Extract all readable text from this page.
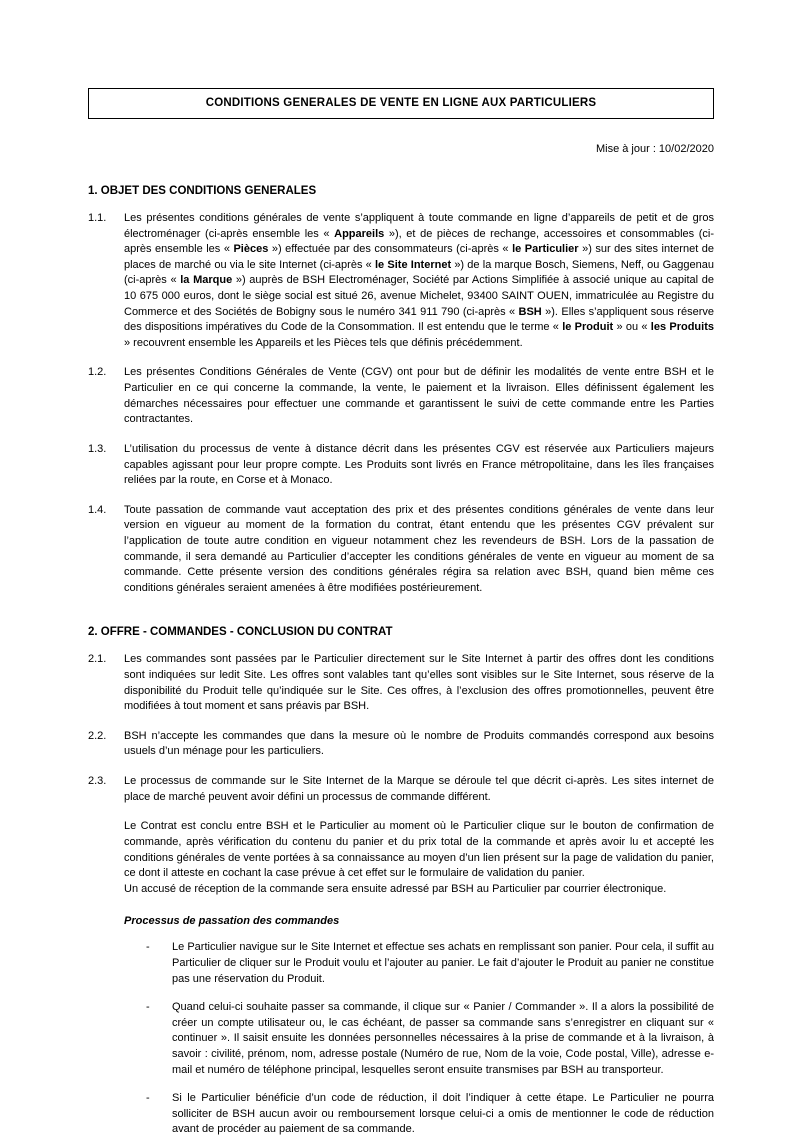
CONDITIONS GENERALES DE VENTE EN LIGNE AUX PARTICULIERS
Mise à jour : 10/02/2020
1. OBJET DES CONDITIONS GENERALES
1.1.	Les présentes conditions générales de vente s’appliquent à toute commande en ligne d’appareils de petit et de gros électroménager (ci-après ensemble les « Appareils »), et de pièces de rechange, accessoires et consommables (ci-après ensemble les « Pièces ») effectuée par des consommateurs (ci-après « le Particulier ») sur des sites internet de places de marché ou via le site Internet (ci-après « le Site Internet ») de la marque Bosch, Siemens, Neff, ou Gaggenau (ci-après « la Marque ») auprès de BSH Electroménager, Société par Actions Simplifiée à associé unique au capital de 10 675 000 euros, dont le siège social est situé 26, avenue Michelet, 93400 SAINT OUEN, immatriculée au Registre du Commerce et des Sociétés de Bobigny sous le numéro 341 911 790 (ci-après « BSH »). Elles s’appliquent sous réserve des dispositions impératives du Code de la Consommation. Il est entendu que le terme « le Produit » ou « les Produits » recouvrent ensemble les Appareils et les Pièces tels que définis précédemment.
1.2.	Les présentes Conditions Générales de Vente (CGV) ont pour but de définir les modalités de vente entre BSH et le Particulier en ce qui concerne la commande, la vente, le paiement et la livraison. Elles définissent également les démarches nécessaires pour effectuer une commande et garantissent le suivi de cette commande entre les Parties contractantes.
1.3.	L’utilisation du processus de vente à distance décrit dans les présentes CGV est réservée aux Particuliers majeurs capables agissant pour leur propre compte. Les Produits sont livrés en France métropolitaine, dans les îles françaises reliées par la route, en Corse et à Monaco.
1.4.	Toute passation de commande vaut acceptation des prix et des présentes conditions générales de vente dans leur version en vigueur au moment de la formation du contrat, étant entendu que les présentes CGV prévalent sur l’application de toute autre condition en vigueur notamment chez les revendeurs de BSH. Lors de la passation de commande, il sera demandé au Particulier d’accepter les conditions générales de vente en vigueur au moment de sa commande. Cette présente version des conditions générales régira sa relation avec BSH, quand bien même ces conditions générales seraient amenées à être modifiées postérieurement.
2. OFFRE - COMMANDES - CONCLUSION DU CONTRAT
2.1.	Les commandes sont passées par le Particulier directement sur le Site Internet à partir des offres dont les conditions sont indiquées sur ledit Site. Les offres sont valables tant qu’elles sont visibles sur le Site Internet, sous réserve de la disponibilité du Produit telle qu’indiquée sur le Site. Ces offres, à l’exclusion des offres promotionnelles, peuvent être modifiées à tout moment et sans préavis par BSH.
2.2.	BSH n’accepte les commandes que dans la mesure où le nombre de Produits commandés correspond aux besoins usuels d’un ménage pour les particuliers.
2.3.	Le processus de commande sur le Site Internet de la Marque se déroule tel que décrit ci-après. Les sites internet de place de marché peuvent avoir défini un processus de commande différent.
Le Contrat est conclu entre BSH et le Particulier au moment où le Particulier clique sur le bouton de confirmation de commande, après vérification du contenu du panier et du prix total de la commande et après avoir lu et accepté les conditions générales de vente portées à sa connaissance au moyen d’un lien présent sur la page de validation du panier, ce dont il atteste en cochant la case prévue à cet effet sur le formulaire de validation du panier.
Un accusé de réception de la commande sera ensuite adressé par BSH au Particulier par courrier électronique.
Processus de passation des commandes
-	Le Particulier navigue sur le Site Internet et effectue ses achats en remplissant son panier. Pour cela, il suffit au Particulier de cliquer sur le Produit voulu et l’ajouter au panier. Le fait d’ajouter le Produit au panier ne constitue pas une réservation du Produit.
-	Quand celui-ci souhaite passer sa commande, il clique sur « Panier / Commander ». Il a alors la possibilité de créer un compte utilisateur ou, le cas échéant, de passer sa commande sans s’enregistrer en cliquant sur « continuer ». Il saisit ensuite les données personnelles nécessaires à la prise de commande et à la livraison, à savoir : civilité, prénom, nom, adresse postale (Numéro de rue, Nom de la voie, Code postal, Ville), adresse e-mail et numéro de téléphone principal, lesquelles seront ensuite transmises par BSH au transporteur.
-	Si le Particulier bénéficie d’un code de réduction, il doit l’indiquer à cette étape. Le Particulier ne pourra solliciter de BSH aucun avoir ou remboursement lorsque celui-ci a omis de mentionner le code de réduction avant de procéder au paiement de sa commande.
